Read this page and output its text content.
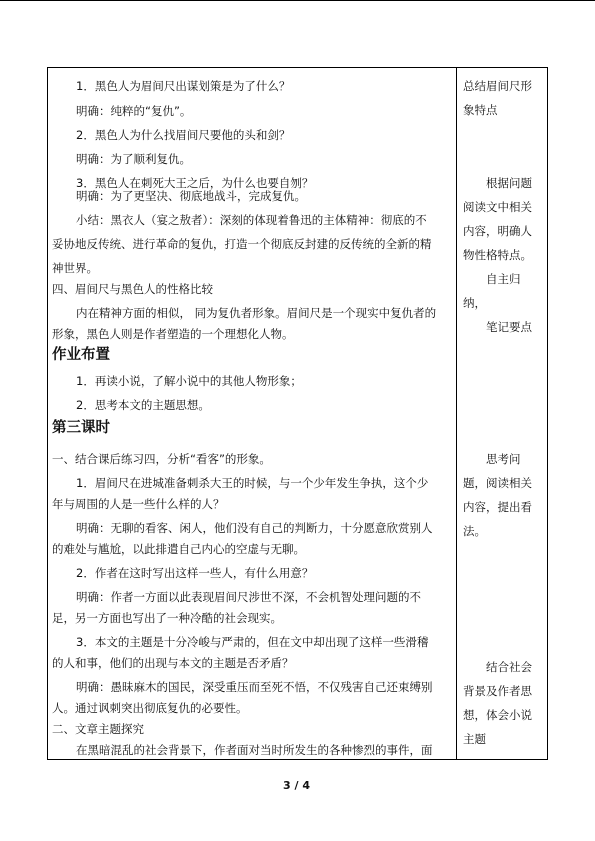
1．黑色人为眉间尺出谋划策是为了什么？

明确：纯粹的“复仇”。

2．黑色人为什么找眉间尺要他的头和剑？

明确：为了顺利复仇。

3．黑色人在刺死大王之后，为什么也要自刎？

明确：为了更坚决、彻底地战斗，完成复仇。

小结：黑衣人（宴之敖者）：深刻的体现着鲁迅的主体精神：彻底的不

妥协地反传统、进行革命的复仇，打造一个彻底反封建的反传统的全新的精

神世界。

四、眉间尺与黑色人的性格比较

内在精神方面的相似， 同为复仇者形象。眉间尺是一个现实中复仇者的

形象，黑色人则是作者塑造的一个理想化人物。

作业布置

1．再读小说，了解小说中的其他人物形象；

2．思考本文的主题思想。

第三课时

一、结合课后练习四，分析“看客”的形象。

1．眉间尺在进城准备刺杀大王的时候，与一个少年发生争执，这个少

年与周围的人是一些什么样的人？

明确：无聊的看客、闲人，他们没有自己的判断力，十分愿意欣赏别人

的难处与尴尬，以此排遣自己内心的空虚与无聊。

2．作者在这时写出这样一些人，有什么用意？

明确：作者一方面以此表现眉间尺涉世不深，不会机智处理问题的不

足，另一方面也写出了一种冷酷的社会现实。

3．本文的主题是十分冷峻与严肃的，但在文中却出现了这样一些滑稽

的人和事，他们的出现与本文的主题是否矛盾？

明确：愚昧麻木的国民，深受重压而至死不悟，不仅残害自己还束缚别

人。通过讽刺突出彻底复仇的必要性。

二、文章主题探究

在黑暗混乱的社会背景下，作者面对当时所发生的各种惨烈的事件，面

总结眉间尺形

象特点

根据问题

阅读文中相关

内容，明确人

物性格特点。

自主归

纳，

笔记要点

思考问

题，阅读相关

内容，提出看

法。

结合社会

背景及作者思

想，体会小说

主题

3 / 4
